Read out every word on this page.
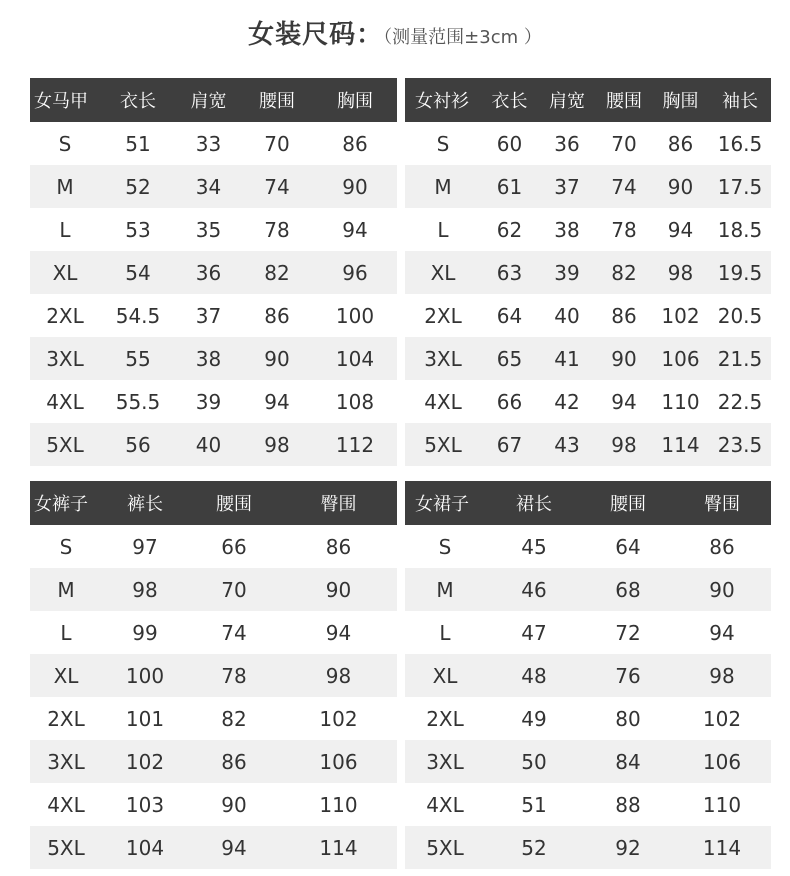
女装尺码：（测量范围±3cm ）
女马甲	衣长	肩宽	腰围	胸围
S	51	33	70	86
M	52	34	74	90
L	53	35	78	94
XL	54	36	82	96
2XL	54.5	37	86	100
3XL	55	38	90	104
4XL	55.5	39	94	108
5XL	56	40	98	112
女衬衫	衣长	肩宽	腰围	胸围	袖长
S	60	36	70	86	16.5
M	61	37	74	90	17.5
L	62	38	78	94	18.5
XL	63	39	82	98	19.5
2XL	64	40	86	102	20.5
3XL	65	41	90	106	21.5
4XL	66	42	94	110	22.5
5XL	67	43	98	114	23.5
女裤子	裤长	腰围	臀围
S	97	66	86
M	98	70	90
L	99	74	94
XL	100	78	98
2XL	101	82	102
3XL	102	86	106
4XL	103	90	110
5XL	104	94	114
女裙子	裙长	腰围	臀围
S	45	64	86
M	46	68	90
L	47	72	94
XL	48	76	98
2XL	49	80	102
3XL	50	84	106
4XL	51	88	110
5XL	52	92	114
